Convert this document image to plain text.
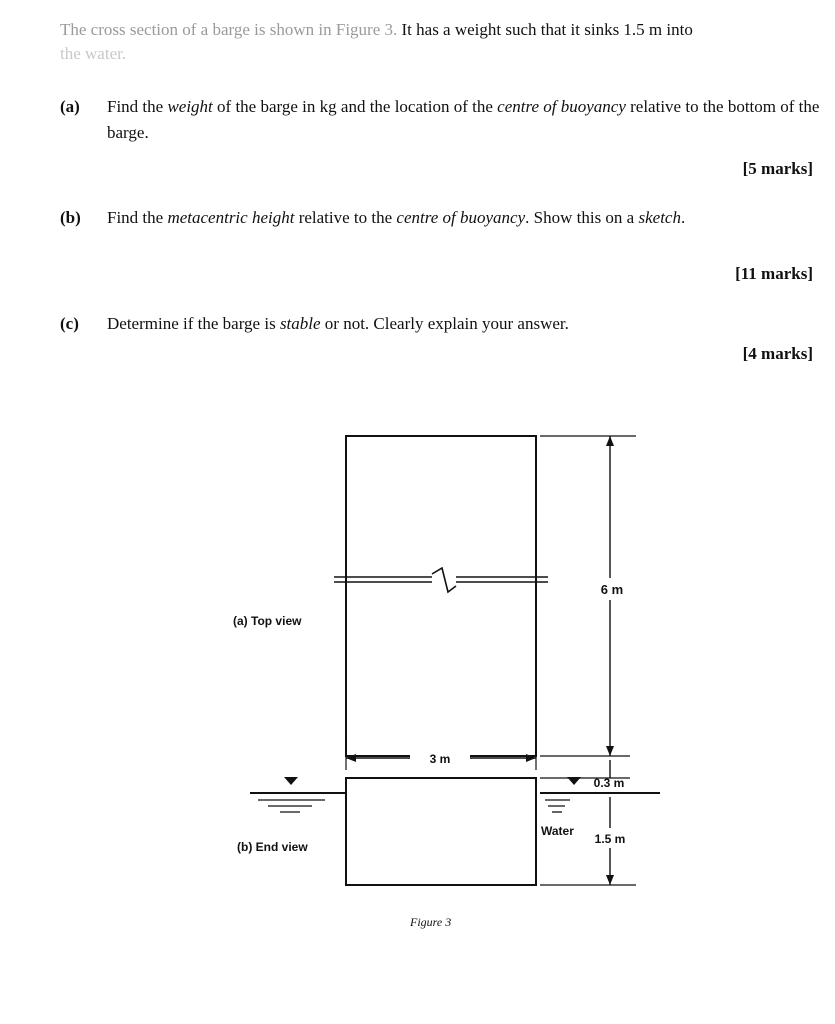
The cross section of a barge is shown in Figure 3. It has a weight such that it sinks 1.5 m into
the water.
(a) Find the weight of the barge in kg and the location of the centre of buoyancy relative to the bottom of the barge.
[5 marks]
(b) Find the metacentric height relative to the centre of buoyancy. Show this on a sketch.
[11 marks]
(c) Determine if the barge is stable or not. Clearly explain your answer.
[4 marks]
3 m
6 m
0.3 m
1.5 m
Water
(a) Top view
(b) End view
Figure 3
